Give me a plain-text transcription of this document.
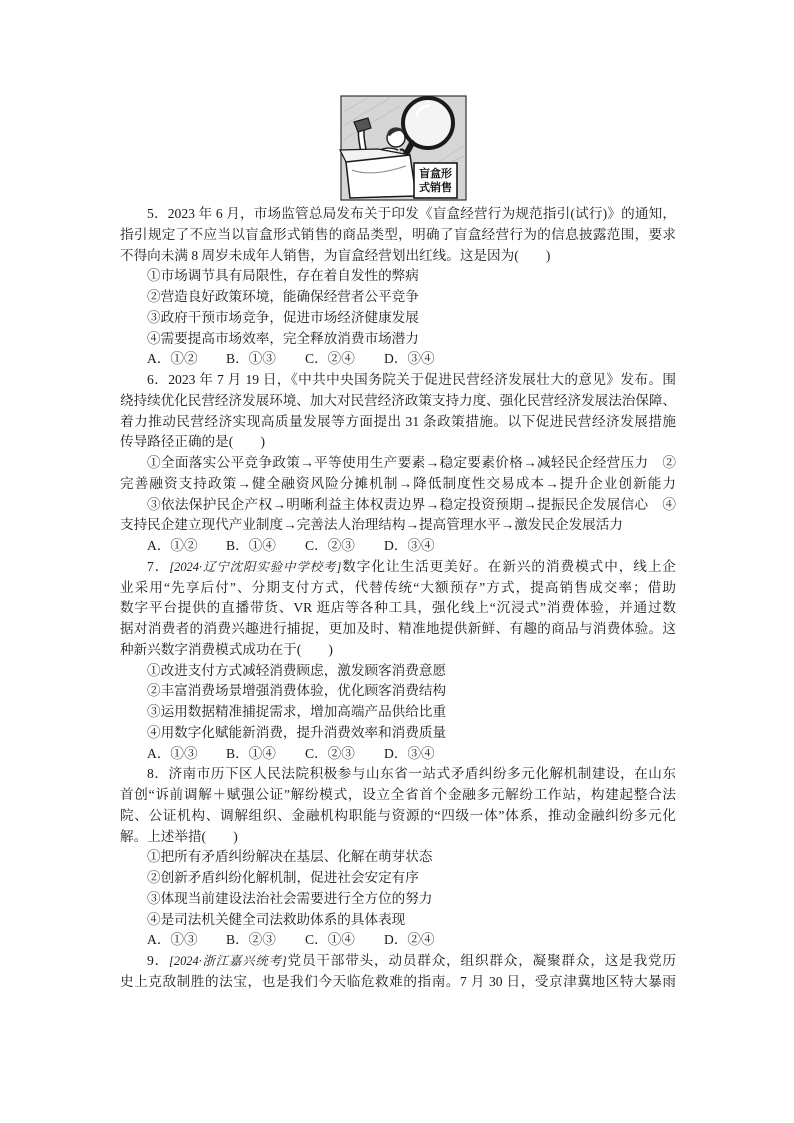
盲盒形
式销售
5．2023 年 6 月，市场监管总局发布关于印发《盲盒经营行为规范指引(试行)》的通知，
指引规定了不应当以盲盒形式销售的商品类型，明确了盲盒经营行为的信息披露范围，要求
不得向未满 8 周岁未成年人销售，为盲盒经营划出红线。这是因为(　　)
①市场调节具有局限性，存在着自发性的弊病
②营造良好政策环境，能确保经营者公平竞争
③政府干预市场竞争，促进市场经济健康发展
④需要提高市场效率，完全释放消费市场潜力
A．①② B．①③ C．②④ D．③④
6．2023 年 7 月 19 日，《中共中央国务院关于促进民营经济发展壮大的意见》发布。围
绕持续优化民营经济发展环境、加大对民营经济政策支持力度、强化民营经济发展法治保障、
着力推动民营经济实现高质量发展等方面提出 31 条政策措施。以下促进民营经济发展措施
传导路径正确的是(　　)
①全面落实公平竞争政策→平等使用生产要素→稳定要素价格→减轻民企经营压力　②
完善融资支持政策→健全融资风险分摊机制→降低制度性交易成本→提升企业创新能力
③依法保护民企产权→明晰利益主体权责边界→稳定投资预期→提振民企发展信心　④
支持民企建立现代产业制度→完善法人治理结构→提高管理水平→激发民企发展活力
A．①② B．①④ C．②③ D．③④
7．[2024·辽宁沈阳实验中学校考]数字化让生活更美好。在新兴的消费模式中，线上企
业采用“先享后付”、分期支付方式，代替传统“大额预存”方式，提高销售成交率；借助
数字平台提供的直播带货、VR 逛店等各种工具，强化线上“沉浸式”消费体验，并通过数
据对消费者的消费兴趣进行捕捉，更加及时、精准地提供新鲜、有趣的商品与消费体验。这
种新兴数字消费模式成功在于(　　)
①改进支付方式减轻消费顾虑，激发顾客消费意愿
②丰富消费场景增强消费体验，优化顾客消费结构
③运用数据精准捕捉需求，增加高端产品供给比重
④用数字化赋能新消费，提升消费效率和消费质量
A．①③ B．①④ C．②③ D．③④
8．济南市历下区人民法院积极参与山东省一站式矛盾纠纷多元化解机制建设，在山东
首创“诉前调解＋赋强公证”解纷模式，设立全省首个金融多元解纷工作站，构建起整合法
院、公证机构、调解组织、金融机构职能与资源的“四级一体”体系，推动金融纠纷多元化
解。上述举措(　　)
①把所有矛盾纠纷解决在基层、化解在萌芽状态
②创新矛盾纠纷化解机制，促进社会安定有序
③体现当前建设法治社会需要进行全方位的努力
④是司法机关健全司法救助体系的具体表现
A．①③ B．②③ C．①④ D．②④
9．[2024·浙江嘉兴统考]党员干部带头，动员群众，组织群众，凝聚群众，这是我党历
史上克敌制胜的法宝，也是我们今天临危救难的指南。7 月 30 日，受京津冀地区特大暴雨
